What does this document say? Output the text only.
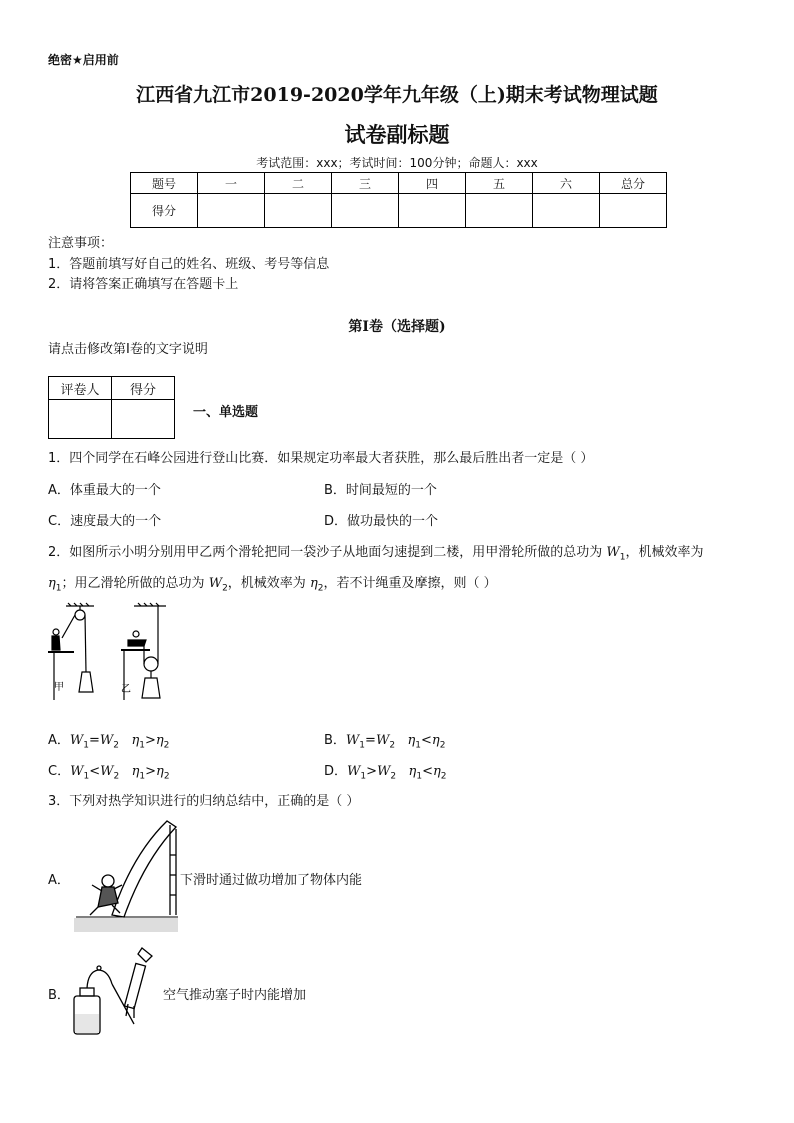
绝密★启用前
江西省九江市2019-2020学年九年级（上)期末考试物理试题
试卷副标题
考试范围：xxx；考试时间：100分钟；命题人：xxx
题号	一	二	三	四	五	六	总分
得分							
注意事项：
1．答题前填写好自己的姓名、班级、考号等信息
2．请将答案正确填写在答题卡上
第I卷（选择题)
请点击修改第I卷的文字说明
评卷人	得分

一、单选题
1．四个同学在石峰公园进行登山比赛．如果规定功率最大者获胜，那么最后胜出者一定是（ ）
A．体重最大的一个	B．时间最短的一个
C．速度最大的一个	D．做功最快的一个
2．如图所示小明分别用甲乙两个滑轮把同一袋沙子从地面匀速提到二楼，用甲滑轮所做的总功为 $W_1$，机械效率为
$\eta_1$；用乙滑轮所做的总功为 $W_2$，机械效率为 $\eta_2$，若不计绳重及摩擦，则（ ）
甲	乙
A．$W_1=W_2$ $\eta_1>\eta_2$	B．$W_1=W_2$ $\eta_1<\eta_2$
C．$W_1<W_2$ $\eta_1>\eta_2$	D．$W_1>W_2$ $\eta_1<\eta_2$
3．下列对热学知识进行的归纳总结中，正确的是（ ）
A．	下滑时通过做功增加了物体内能
B．	空气推动塞子时内能增加
